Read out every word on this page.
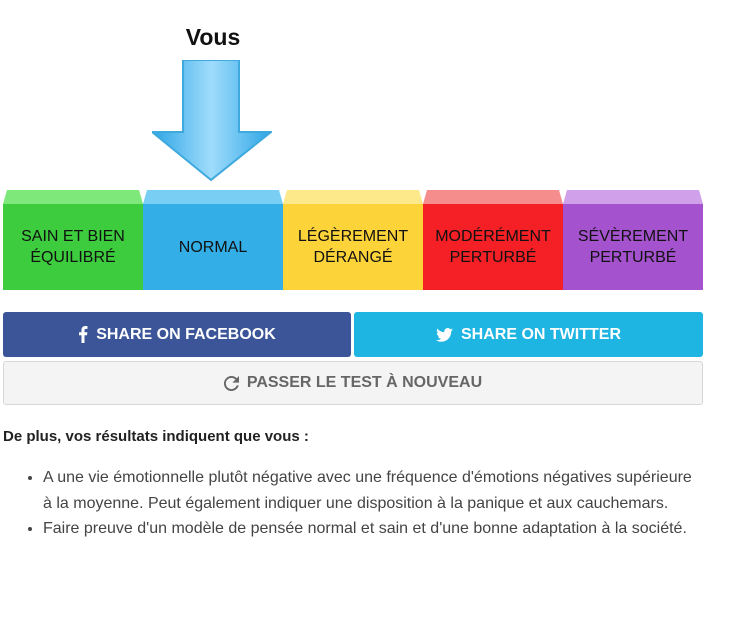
Vous
SAIN ET BIEN
ÉQUILIBRÉ
NORMAL
LÉGÈREMENT
DÉRANGÉ
MODÉRÉMENT
PERTURBÉ
SÉVÈREMENT
PERTURBÉ
SHARE ON FACEBOOK	SHARE ON TWITTER
PASSER LE TEST À NOUVEAU
De plus, vos résultats indiquent que vous :
• A une vie émotionnelle plutôt négative avec une fréquence d'émotions négatives supérieure à la moyenne. Peut également indiquer une disposition à la panique et aux cauchemars.
• Faire preuve d'un modèle de pensée normal et sain et d'une bonne adaptation à la société.
